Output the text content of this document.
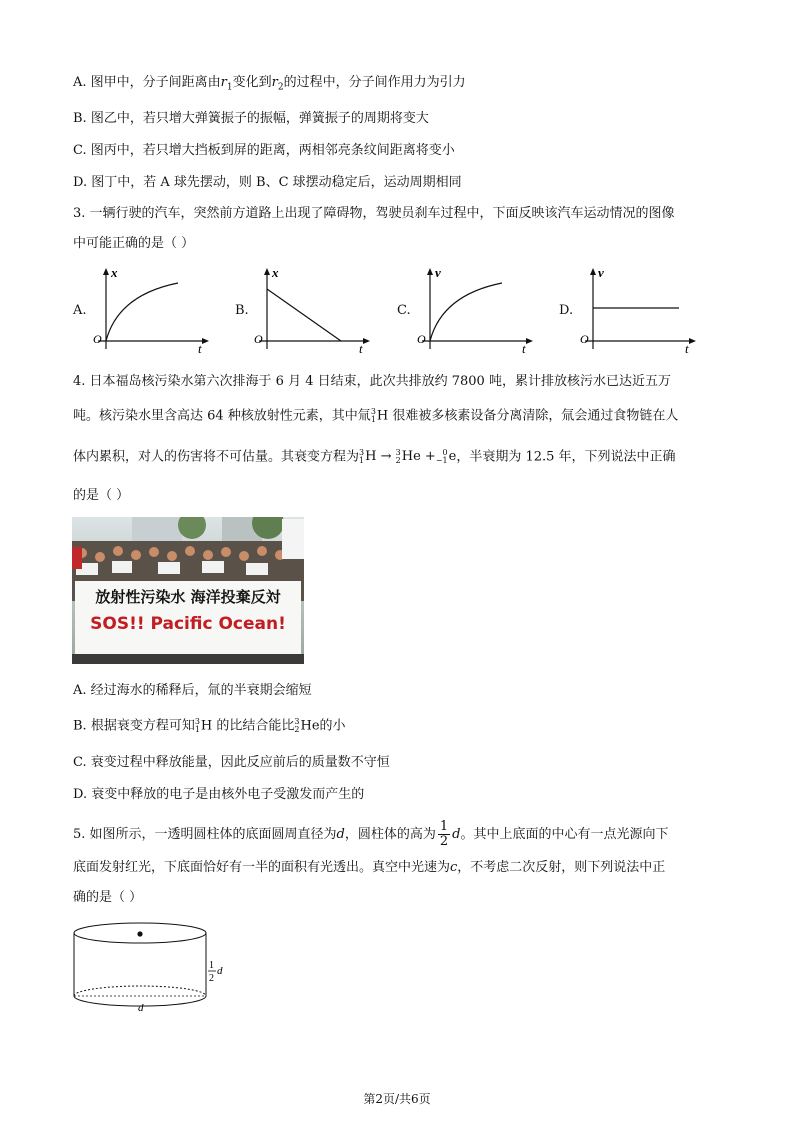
A. 图甲中，分子间距离由$r_1$变化到$r_2$的过程中，分子间作用力为引力
B. 图乙中，若只增大弹簧振子的振幅，弹簧振子的周期将变大
C. 图丙中，若只增大挡板到屏的距离，两相邻亮条纹间距离将变小
D. 图丁中，若 A 球先摆动，则 B、C 球摆动稳定后，运动周期相同
3. 一辆行驶的汽车，突然前方道路上出现了障碍物，驾驶员刹车过程中，下面反映该汽车运动情况的图像
中可能正确的是（ ）
A.	B.	C.	D.
x
t
O
x
t
O
v
t
O
v
t
O
4. 日本福岛核污染水第六次排海于 6 月 4 日结束，此次共排放约 7800 吨，累计排放核污水已达近五万
吨。核污染水里含高达 64 种核放射性元素，其中氚 3
1 H 很难被多核素设备分离清除，氚会通过食物链在人
体内累积，对人的伤害将不可估量。其衰变方程为 3
1 H → 3
2 He + 0
−1 e，半衰期为 12.5 年，下列说法中正确
的是（ ）
放射性污染水 海洋投棄反対
SOS!! Pacific Ocean!
A. 经过海水的稀释后，氚的半衰期会缩短
B. 根据衰变方程可知 3
1 H 的比结合能比 3
2 He的小
C. 衰变过程中释放能量，因此反应前后的质量数不守恒
D. 衰变中释放的电子是由核外电子受激发而产生的
5. 如图所示，一透明圆柱体的底面圆周直径为d，圆柱体的高为 $\frac{1}{2}$ d。其中上底面的中心有一点光源向下
底面发射红光，下底面恰好有一半的面积有光透出。真空中光速为c，不考虑二次反射，则下列说法中正
确的是（ ）
1
2
d
d
第2页/共6页
